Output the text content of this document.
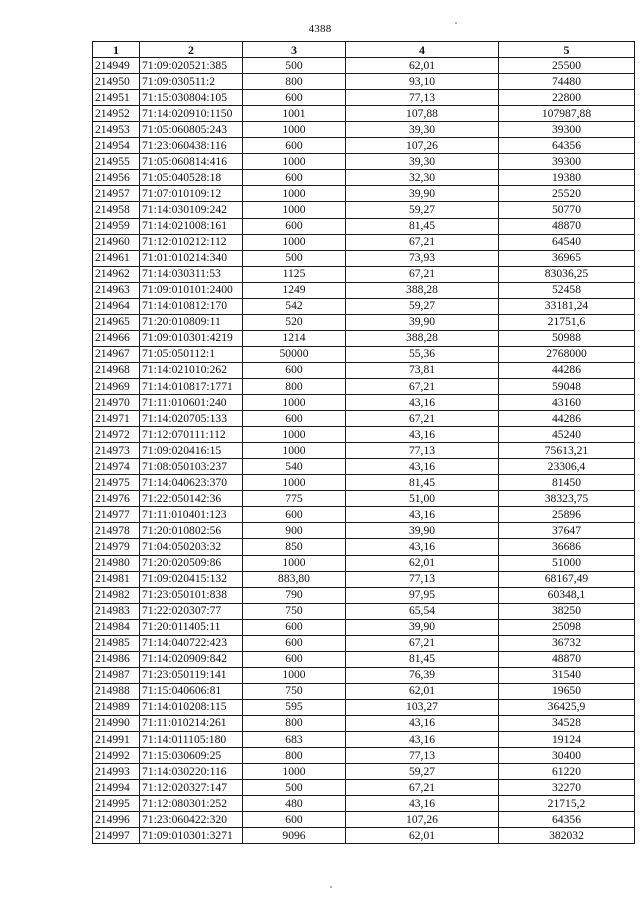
4388
1	2	3	4	5
214949	71:09:020521:385	500	62,01	25500
214950	71:09:030511:2	800	93,10	74480
214951	71:15:030804:105	600	77,13	22800
214952	71:14:020910:1150	1001	107,88	107987,88
214953	71:05:060805:243	1000	39,30	39300
214954	71:23:060438:116	600	107,26	64356
214955	71:05:060814:416	1000	39,30	39300
214956	71:05:040528:18	600	32,30	19380
214957	71:07:010109:12	1000	39,90	25520
214958	71:14:030109:242	1000	59,27	50770
214959	71:14:021008:161	600	81,45	48870
214960	71:12:010212:112	1000	67,21	64540
214961	71:01:010214:340	500	73,93	36965
214962	71:14:030311:53	1125	67,21	83036,25
214963	71:09:010101:2400	1249	388,28	52458
214964	71:14:010812:170	542	59,27	33181,24
214965	71:20:010809:11	520	39,90	21751,6
214966	71:09:010301:4219	1214	388,28	50988
214967	71:05:050112:1	50000	55,36	2768000
214968	71:14:021010:262	600	73,81	44286
214969	71:14:010817:1771	800	67,21	59048
214970	71:11:010601:240	1000	43,16	43160
214971	71:14:020705:133	600	67,21	44286
214972	71:12:070111:112	1000	43,16	45240
214973	71:09:020416:15	1000	77,13	75613,21
214974	71:08:050103:237	540	43,16	23306,4
214975	71:14:040623:370	1000	81,45	81450
214976	71:22:050142:36	775	51,00	38323,75
214977	71:11:010401:123	600	43,16	25896
214978	71:20:010802:56	900	39,90	37647
214979	71:04:050203:32	850	43,16	36686
214980	71:20:020509:86	1000	62,01	51000
214981	71:09:020415:132	883,80	77,13	68167,49
214982	71:23:050101:838	790	97,95	60348,1
214983	71:22:020307:77	750	65,54	38250
214984	71:20:011405:11	600	39,90	25098
214985	71:14:040722:423	600	67,21	36732
214986	71:14:020909:842	600	81,45	48870
214987	71:23:050119:141	1000	76,39	31540
214988	71:15:040606:81	750	62,01	19650
214989	71:14:010208:115	595	103,27	36425,9
214990	71:11:010214:261	800	43,16	34528
214991	71:14:011105:180	683	43,16	19124
214992	71:15:030609:25	800	77,13	30400
214993	71:14:030220:116	1000	59,27	61220
214994	71:12:020327:147	500	67,21	32270
214995	71:12:080301:252	480	43,16	21715,2
214996	71:23:060422:320	600	107,26	64356
214997	71:09:010301:3271	9096	62,01	382032
